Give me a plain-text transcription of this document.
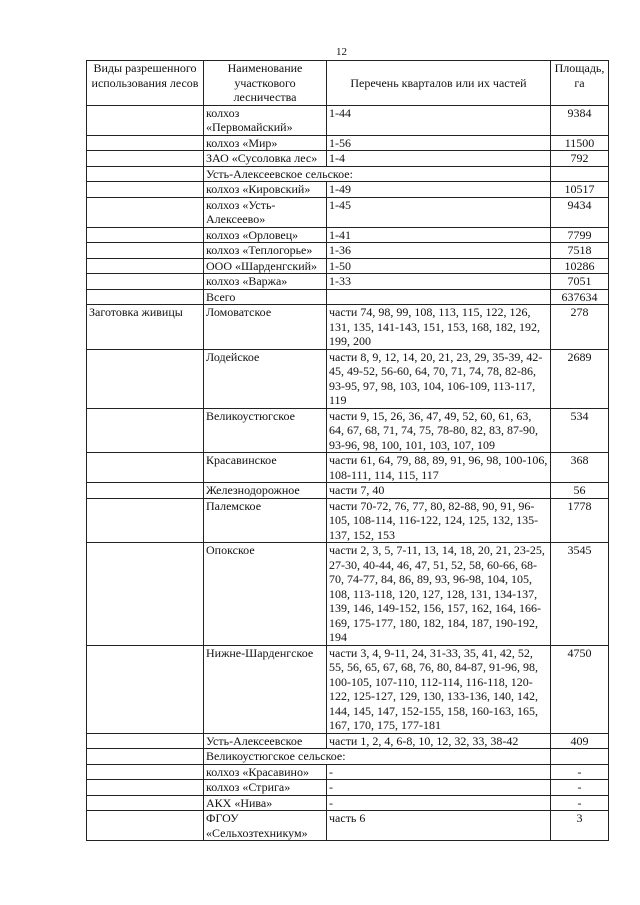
12
Виды разрешенного использования лесов	Наименование участкового лесничества	Перечень кварталов или их частей	Площадь, га
	колхоз «Первомайский»	1-44	9384
	колхоз «Мир»	1-56	11500
	ЗАО «Сусоловка лес»	1-4	792
	Усть-Алексеевское сельское:		
	колхоз «Кировский»	1-49	10517
	колхоз «Усть-Алексеево»	1-45	9434
	колхоз «Орловец»	1-41	7799
	колхоз «Теплогорье»	1-36	7518
	ООО «Шарденгский»	1-50	10286
	колхоз «Варжа»	1-33	7051
	Всего		637634
Заготовка живицы	Ломоватское	части 74, 98, 99, 108, 113, 115, 122, 126, 131, 135, 141-143, 151, 153, 168, 182, 192, 199, 200	278
	Лодейское	части 8, 9, 12, 14, 20, 21, 23, 29, 35-39, 42-45, 49-52, 56-60, 64, 70, 71, 74, 78, 82-86, 93-95, 97, 98, 103, 104, 106-109, 113-117, 119	2689
	Великоустюгское	части 9, 15, 26, 36, 47, 49, 52, 60, 61, 63, 64, 67, 68, 71, 74, 75, 78-80, 82, 83, 87-90, 93-96, 98, 100, 101, 103, 107, 109	534
	Красавинское	части 61, 64, 79, 88, 89, 91, 96, 98, 100-106, 108-111, 114, 115, 117	368
	Железнодорожное	части 7, 40	56
	Палемское	части 70-72, 76, 77, 80, 82-88, 90, 91, 96-105, 108-114, 116-122, 124, 125, 132, 135-137, 152, 153	1778
	Опокское	части 2, 3, 5, 7-11, 13, 14, 18, 20, 21, 23-25, 27-30, 40-44, 46, 47, 51, 52, 58, 60-66, 68-70, 74-77, 84, 86, 89, 93, 96-98, 104, 105, 108, 113-118, 120, 127, 128, 131, 134-137, 139, 146, 149-152, 156, 157, 162, 164, 166-169, 175-177, 180, 182, 184, 187, 190-192, 194	3545
	Нижне-Шарденгское	части 3, 4, 9-11, 24, 31-33, 35, 41, 42, 52, 55, 56, 65, 67, 68, 76, 80, 84-87, 91-96, 98, 100-105, 107-110, 112-114, 116-118, 120-122, 125-127, 129, 130, 133-136, 140, 142, 144, 145, 147, 152-155, 158, 160-163, 165, 167, 170, 175, 177-181	4750
	Усть-Алексеевское	части 1, 2, 4, 6-8, 10, 12, 32, 33, 38-42	409
	Великоустюгское сельское:		
	колхоз «Красавино»	-	-
	колхоз «Стрига»	-	-
	АКХ «Нива»	-	-
	ФГОУ «Сельхозтехникум»	часть 6	3
